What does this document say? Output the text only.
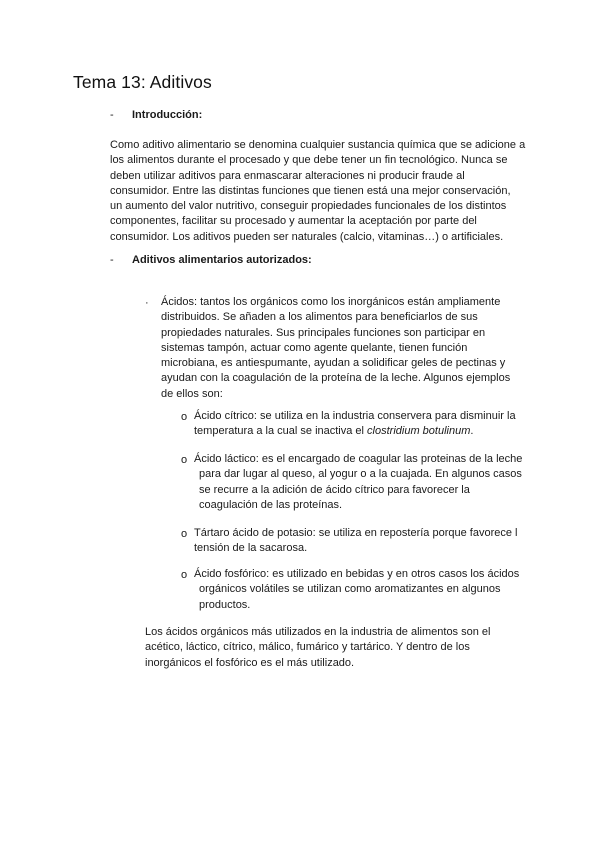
Tema 13: Aditivos

- Introducción:

Como aditivo alimentario se denomina cualquier sustancia química que se adicione a
los alimentos durante el procesado y que debe tener un fin tecnológico. Nunca se
deben utilizar aditivos para enmascarar alteraciones ni producir fraude al
consumidor. Entre las distintas funciones que tienen está una mejor conservación,
un aumento del valor nutritivo, conseguir propiedades funcionales de los distintos
componentes, facilitar su procesado y aumentar la aceptación por parte del
consumidor. Los aditivos pueden ser naturales (calcio, vitaminas…) o artificiales.

- Aditivos alimentarios autorizados:

· Ácidos: tantos los orgánicos como los inorgánicos están ampliamente
distribuidos. Se añaden a los alimentos para beneficiarlos de sus
propiedades naturales. Sus principales funciones son participar en
sistemas tampón, actuar como agente quelante, tienen función
microbiana, es antiespumante, ayudan a solidificar geles de pectinas y
ayudan con la coagulación de la proteína de la leche. Algunos ejemplos
de ellos son:

o Ácido cítrico: se utiliza en la industria conservera para disminuir la
temperatura a la cual se inactiva el clostridium botulinum.

o Ácido láctico: es el encargado de coagular las proteinas de la leche
para dar lugar al queso, al yogur o a la cuajada. En algunos casos
se recurre a la adición de ácido cítrico para favorecer la
coagulación de las proteínas.

o Tártaro ácido de potasio: se utiliza en repostería porque favorece l
tensión de la sacarosa.

o Ácido fosfórico: es utilizado en bebidas y en otros casos los ácidos
orgánicos volátiles se utilizan como aromatizantes en algunos
productos.

Los ácidos orgánicos más utilizados en la industria de alimentos son el
acético, láctico, cítrico, málico, fumárico y tartárico. Y dentro de los
inorgánicos el fosfórico es el más utilizado.
